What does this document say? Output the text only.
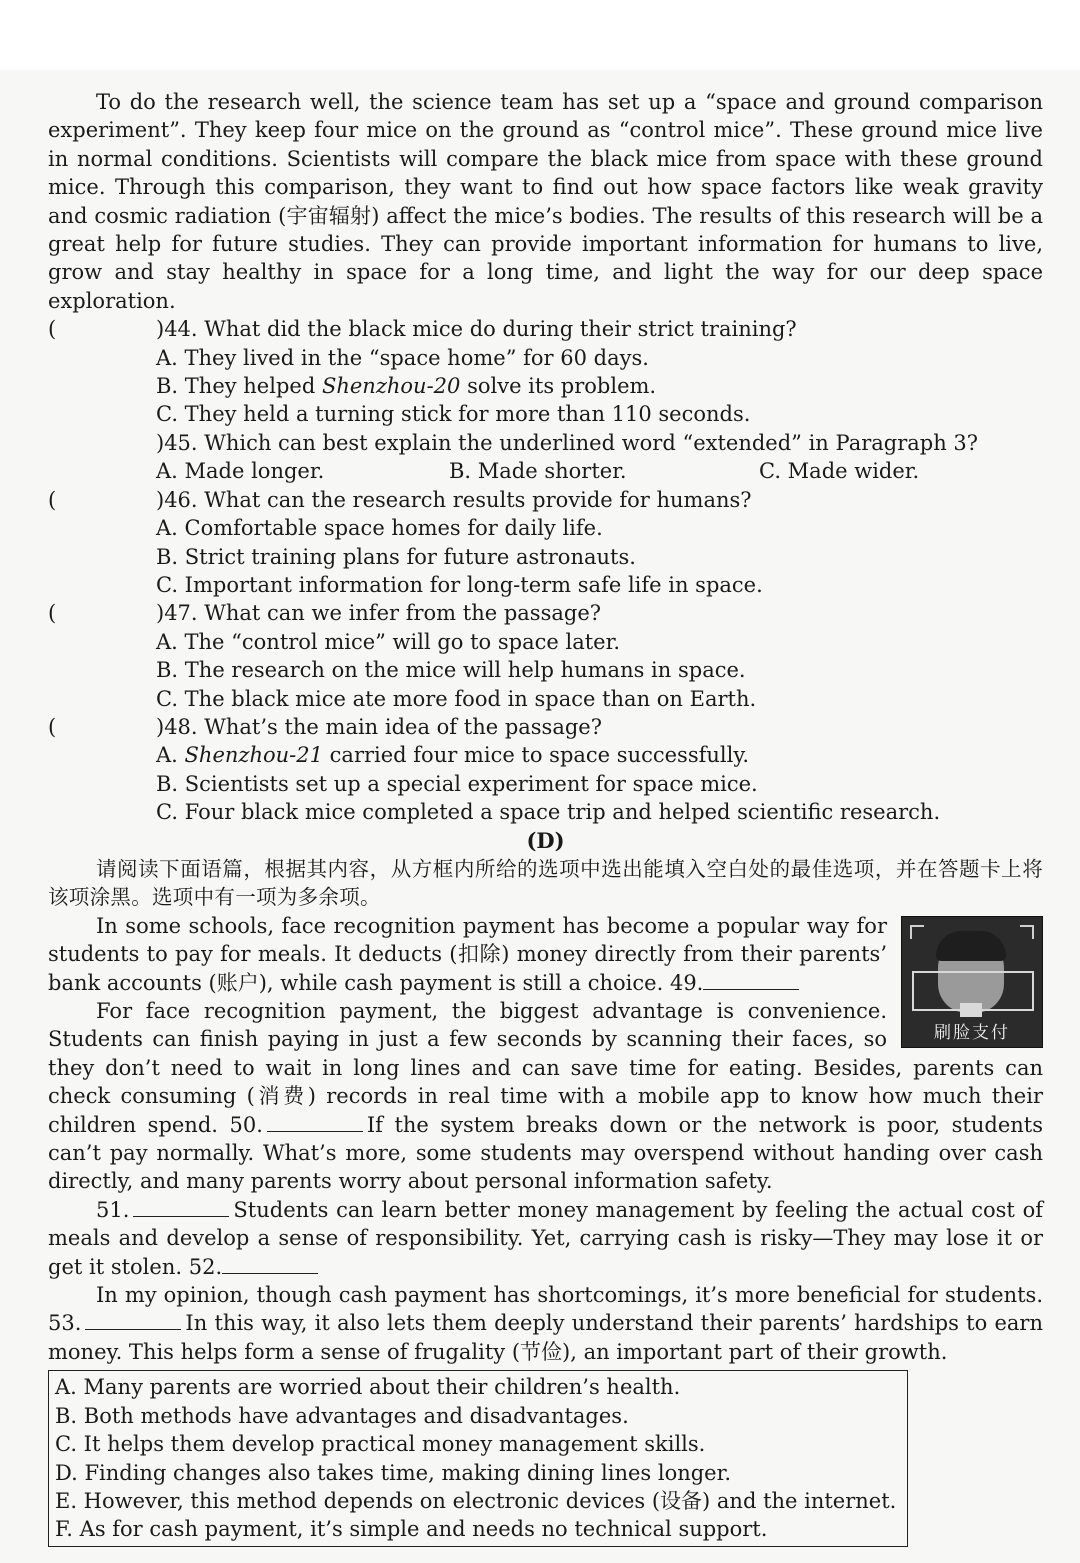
To do the research well, the science team has set up a “space and ground comparison experiment”. They keep four mice on the ground as “control mice”. These ground mice live in normal conditions. Scientists will compare the black mice from space with these ground mice. Through this comparison, they want to find out how space factors like weak gravity and cosmic radiation (宇宙辐射) affect the mice’s bodies. The results of this research will be a great help for future studies. They can provide important information for humans to live, grow and stay healthy in space for a long time, and light the way for our deep space exploration.

(	)44. What did the black mice do during their strict training?
A. They lived in the “space home” for 60 days.
B. They helped Shenzhou-20 solve its problem.
C. They held a turning stick for more than 110 seconds.
)45. Which can best explain the underlined word “extended” in Paragraph 3?
A. Made longer.	B. Made shorter.	C. Made wider.
(	)46. What can the research results provide for humans?
A. Comfortable space homes for daily life.
B. Strict training plans for future astronauts.
C. Important information for long-term safe life in space.
(	)47. What can we infer from the passage?
A. The “control mice” will go to space later.
B. The research on the mice will help humans in space.
C. The black mice ate more food in space than on Earth.
(	)48. What’s the main idea of the passage?
A. Shenzhou-21 carried four mice to space successfully.
B. Scientists set up a special experiment for space mice.
C. Four black mice completed a space trip and helped scientific research.
(D)

请阅读下面语篇，根据其内容，从方框内所给的选项中选出能填入空白处的最佳选项，并在答题卡上将该项涂黑。选项中有一项为多余项。

刷脸支付

In some schools, face recognition payment has become a popular way for students to pay for meals. It deducts (扣除) money directly from their parents’ bank accounts (账户), while cash payment is still a choice. 49.

For face recognition payment, the biggest advantage is convenience. Students can finish paying in just a few seconds by scanning their faces, so they don’t need to wait in long lines and can save time for eating. Besides, parents can check consuming (消费) records in real time with a mobile app to know how much their children spend. 50.	If the system breaks down or the network is poor, students can’t pay normally. What’s more, some students may overspend without handing over cash directly, and many parents worry about personal information safety.

51.	Students can learn better money management by feeling the actual cost of meals and develop a sense of responsibility. Yet, carrying cash is risky—They may lose it or get it stolen. 52.

In my opinion, though cash payment has shortcomings, it’s more beneficial for students. 53.	In this way, it also lets them deeply understand their parents’ hardships to earn money. This helps form a sense of frugality (节俭), an important part of their growth.

A. Many parents are worried about their children’s health.
B. Both methods have advantages and disadvantages.
C. It helps them develop practical money management skills.
D. Finding changes also takes time, making dining lines longer.
E. However, this method depends on electronic devices (设备) and the internet.
F. As for cash payment, it’s simple and needs no technical support.
